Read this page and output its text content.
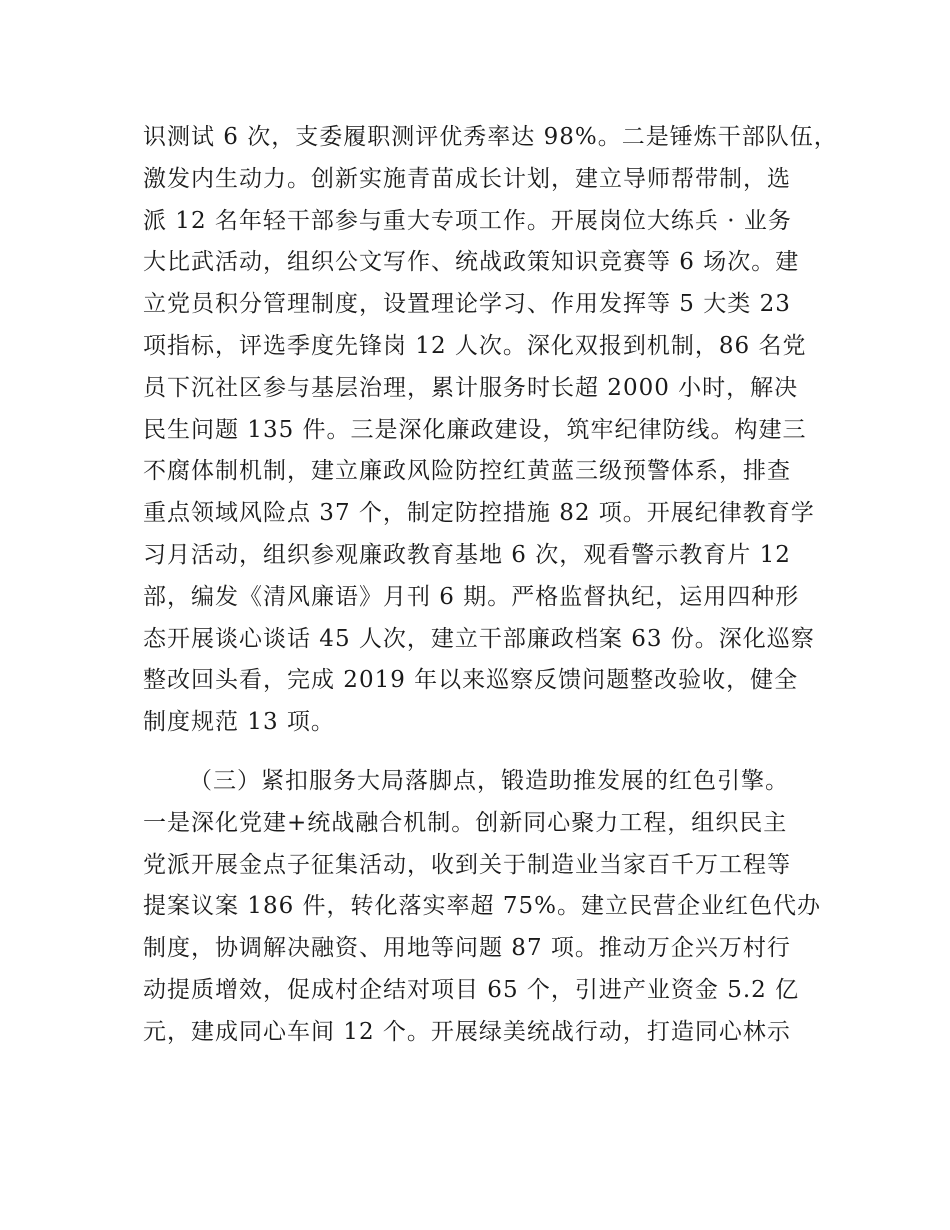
识测试 6 次，支委履职测评优秀率达 98%。二是锤炼干部队伍，
激发内生动力。创新实施青苗成长计划，建立导师帮带制，选
派 12 名年轻干部参与重大专项工作。开展岗位大练兵 · 业务
大比武活动，组织公文写作、统战政策知识竞赛等 6 场次。建
立党员积分管理制度，设置理论学习、作用发挥等 5 大类 23
项指标，评选季度先锋岗 12 人次。深化双报到机制，86 名党
员下沉社区参与基层治理，累计服务时长超 2000 小时，解决
民生问题 135 件。三是深化廉政建设，筑牢纪律防线。构建三
不腐体制机制，建立廉政风险防控红黄蓝三级预警体系，排查
重点领域风险点 37 个，制定防控措施 82 项。开展纪律教育学
习月活动，组织参观廉政教育基地 6 次，观看警示教育片 12
部，编发《清风廉语》月刊 6 期。严格监督执纪，运用四种形
态开展谈心谈话 45 人次，建立干部廉政档案 63 份。深化巡察
整改回头看，完成 2019 年以来巡察反馈问题整改验收，健全
制度规范 13 项。
（三）紧扣服务大局落脚点，锻造助推发展的红色引擎。
一是深化党建+统战融合机制。创新同心聚力工程，组织民主
党派开展金点子征集活动，收到关于制造业当家百千万工程等
提案议案 186 件，转化落实率超 75%。建立民营企业红色代办
制度，协调解决融资、用地等问题 87 项。推动万企兴万村行
动提质增效，促成村企结对项目 65 个，引进产业资金 5.2 亿
元，建成同心车间 12 个。开展绿美统战行动，打造同心林示
